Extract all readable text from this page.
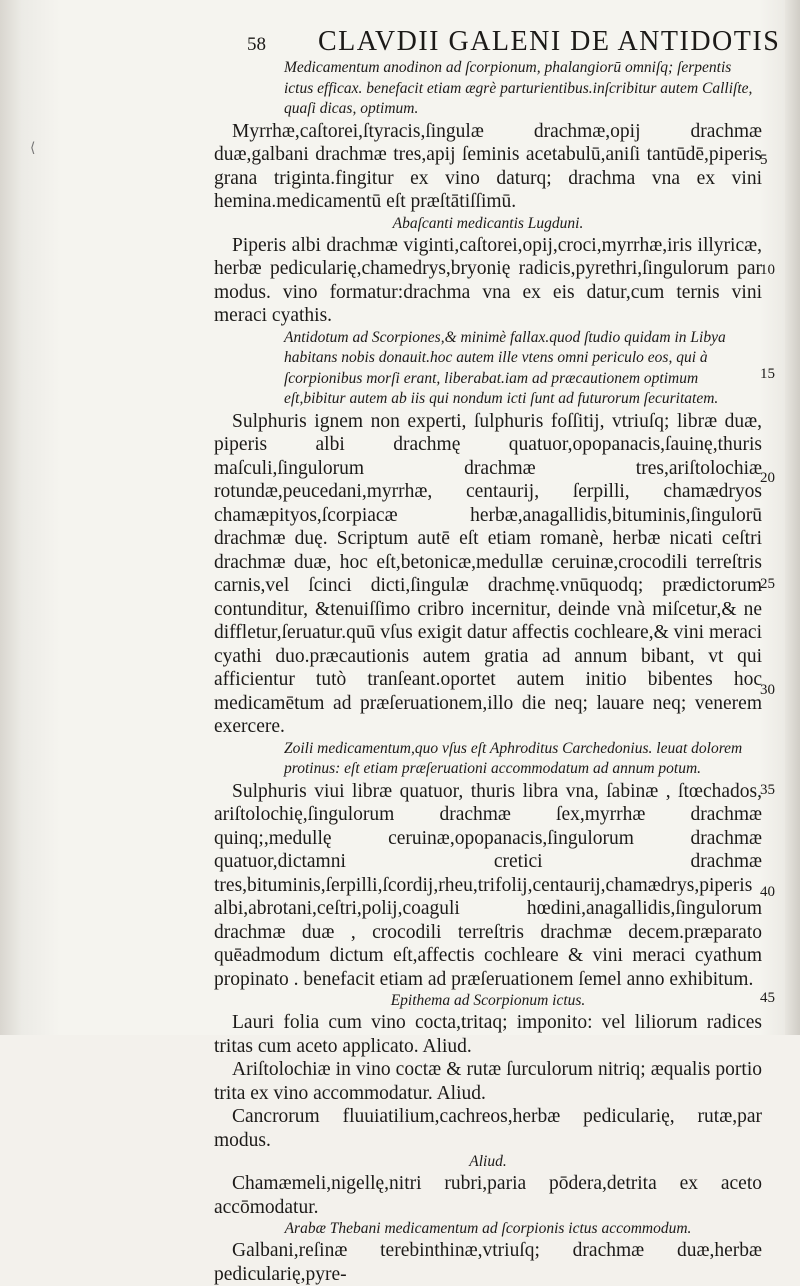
⟨
58 CLAVDII GALENI DE ANTIDOTIS

Medicamentum anodinon ad ſcorpionum, phalangiorū omniſq; ſerpentis ictus efficax. benefacit etiam ægrè parturientibus.inſcribitur autem Calliſte, quaſi dicas, optimum.

Myrrhæ,caſtorei,ſtyracis,ſingulæ drachmæ,opij drachmæ duæ,galbani drachmæ tres,apij ſeminis acetabulū,aniſi tantūdē,piperis grana triginta.fingitur ex vino daturq; drachma vna ex vini hemina.medicamentū eſt præſtātiſſimū.

Abaſcanti medicantis Lugduni.

Piperis albi drachmæ viginti,caſtorei,opij,croci,myrrhæ,iris illyricæ, herbæ pedicularię,chamedrys,bryonię radicis,pyrethri,ſingulorum par modus. vino formatur:drachma vna ex eis datur,cum ternis vini meraci cyathis.

Antidotum ad Scorpiones,& minimè fallax.quod ſtudio quidam in Libya habitans nobis donauit.hoc autem ille vtens omni periculo eos, qui à ſcorpionibus morſi erant, liberabat.iam ad præcautionem optimum eſt,bibitur autem ab iis qui nondum icti ſunt ad futurorum ſecuritatem.

Sulphuris ignem non experti, ſulphuris foſſitij, vtriuſq; libræ duæ, piperis albi drachmę quatuor,opopanacis,ſauinę,thuris maſculi,ſingulorum drachmæ tres,ariſtolochiæ rotundæ,peucedani,myrrhæ, centaurij, ſerpilli, chamædryos chamæpityos,ſcorpiacæ herbæ,anagallidis,bituminis,ſingulorū drachmæ duę. Scriptum autē eſt etiam romanè, herbæ nicati ceſtri drachmæ duæ, hoc eſt,betonicæ,medullæ ceruinæ,crocodili terreſtris carnis,vel ſcinci dicti,ſingulæ drachmę.vnūquodq; prædictorum contunditur, &tenuiſſimo cribro incernitur, deinde vnà miſcetur,& ne diffletur,ſeruatur.quū vſus exigit datur affectis cochleare,& vini meraci cyathi duo.præcautionis autem gratia ad annum bibant, vt qui afficientur tutò tranſeant.oportet autem initio bibentes hoc medicamētum ad præſeruationem,illo die neq; lauare neq; venerem exercere.

Zoili medicamentum,quo vſus eſt Aphroditus Carchedonius. leuat dolorem protinus: eſt etiam præſeruationi accommodatum ad annum potum.

Sulphuris viui libræ quatuor, thuris libra vna, ſabinæ , ſtœchados, ariſtolochię,ſingulorum drachmæ ſex,myrrhæ drachmæ quinq;,medullę ceruinæ,opopanacis,ſingulorum drachmæ quatuor,dictamni cretici drachmæ tres,bituminis,ſerpilli,ſcordij,rheu,trifolij,centaurij,chamædrys,piperis albi,abrotani,ceſtri,polij,coaguli hœdini,anagallidis,ſingulorum drachmæ duæ , crocodili terreſtris drachmæ decem.præparato quēadmodum dictum eſt,affectis cochleare & vini meraci cyathum propinato . benefacit etiam ad præſeruationem ſemel anno exhibitum.

Epithema ad Scorpionum ictus.

Lauri folia cum vino cocta,tritaq; imponito: vel liliorum radices tritas cum aceto applicato. Aliud.

Ariſtolochiæ in vino coctæ & rutæ ſurculorum nitriq; æqualis portio trita ex vino accommodatur. Aliud.

Cancrorum fluuiatilium,cachreos,herbæ pedicularię, rutæ,par modus.

Aliud.

Chamæmeli,nigellę,nitri rubri,paria pōdera,detrita ex aceto accōmodatur.

Arabæ Thebani medicamentum ad ſcorpionis ictus accommodum.

Galbani,reſinæ terebinthinæ,vtriuſq; drachmæ duæ,herbæ pedicularię,pyre-

5
10
15
20
25
30
35
40
45
